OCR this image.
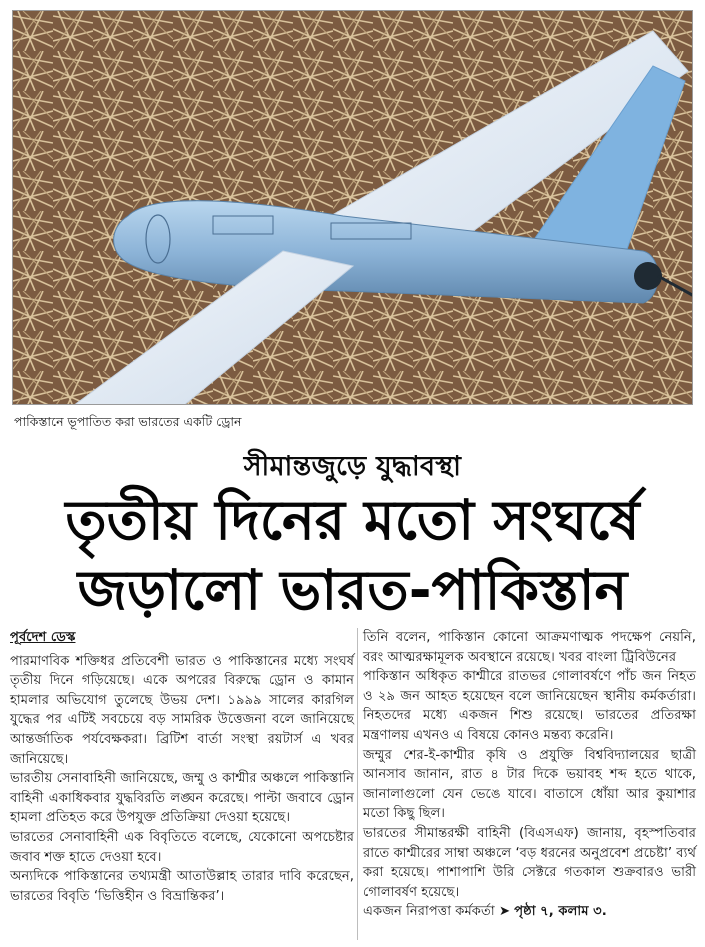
পাকিস্তানে ভূপাতিত করা ভারতের একটি ড্রোন
সীমান্তজুড়ে যুদ্ধাবস্থা
তৃতীয় দিনের মতো সংঘর্ষে
জড়ালো ভারত-পাকিস্তান
পূর্বদেশ ডেস্ক

পারমাণবিক শক্তিধর প্রতিবেশী ভারত ও পাকিস্তানের মধ্যে সংঘর্ষ তৃতীয় দিনে গড়িয়েছে। একে অপরের বিরুদ্ধে ড্রোন ও কামান হামলার অভিযোগ তুলেছে উভয় দেশ। ১৯৯৯ সালের কারগিল যুদ্ধের পর এটিই সবচেয়ে বড় সামরিক উত্তেজনা বলে জানিয়েছে আন্তর্জাতিক পর্যবেক্ষকরা। ব্রিটিশ বার্তা সংস্থা রয়টার্স এ খবর জানিয়েছে।

ভারতীয় সেনাবাহিনী জানিয়েছে, জম্মু ও কাশ্মীর অঞ্চলে পাকিস্তানি বাহিনী একাধিকবার যুদ্ধবিরতি লঙ্ঘন করেছে। পাল্টা জবাবে ড্রোন হামলা প্রতিহত করে উপযুক্ত প্রতিক্রিয়া দেওয়া হয়েছে।

ভারতের সেনাবাহিনী এক বিবৃতিতে বলেছে, যেকোনো অপচেষ্টার জবাব শক্ত হাতে দেওয়া হবে।

অন্যদিকে পাকিস্তানের তথ্যমন্ত্রী আতাউল্লাহ তারার দাবি করেছেন, ভারতের বিবৃতি ‘ভিত্তিহীন ও বিভ্রান্তিকর’।

তিনি বলেন, পাকিস্তান কোনো আক্রমণাত্মক পদক্ষেপ নেয়নি, বরং আত্মরক্ষামূলক অবস্থানে রয়েছে। খবর বাংলা ট্রিবিউনের

পাকিস্তান অধিকৃত কাশ্মীরে রাতভর গোলাবর্ষণে পাঁচ জন নিহত ও ২৯ জন আহত হয়েছেন বলে জানিয়েছেন স্থানীয় কর্মকর্তারা। নিহতদের মধ্যে একজন শিশু রয়েছে। ভারতের প্রতিরক্ষা মন্ত্রণালয় এখনও এ বিষয়ে কোনও মন্তব্য করেনি।

জম্মুর শের-ই-কাশ্মীর কৃষি ও প্রযুক্তি বিশ্ববিদ্যালয়ের ছাত্রী আনসাব জানান, রাত ৪ টার দিকে ভয়াবহ শব্দ হতে থাকে, জানালাগুলো যেন ভেঙে যাবে। বাতাসে ধোঁয়া আর কুয়াশার মতো কিছু ছিল।

ভারতের সীমান্তরক্ষী বাহিনী (বিএসএফ) জানায়, বৃহস্পতিবার রাতে কাশ্মীরের সাম্বা অঞ্চলে ‘বড় ধরনের অনুপ্রবেশ প্রচেষ্টা’ ব্যর্থ করা হয়েছে। পাশাপাশি উরি সেক্টরে গতকাল শুক্রবারও ভারী গোলাবর্ষণ হয়েছে।

একজন নিরাপত্তা কর্মকর্তা ➤ পৃষ্ঠা ৭, কলাম ৩.
